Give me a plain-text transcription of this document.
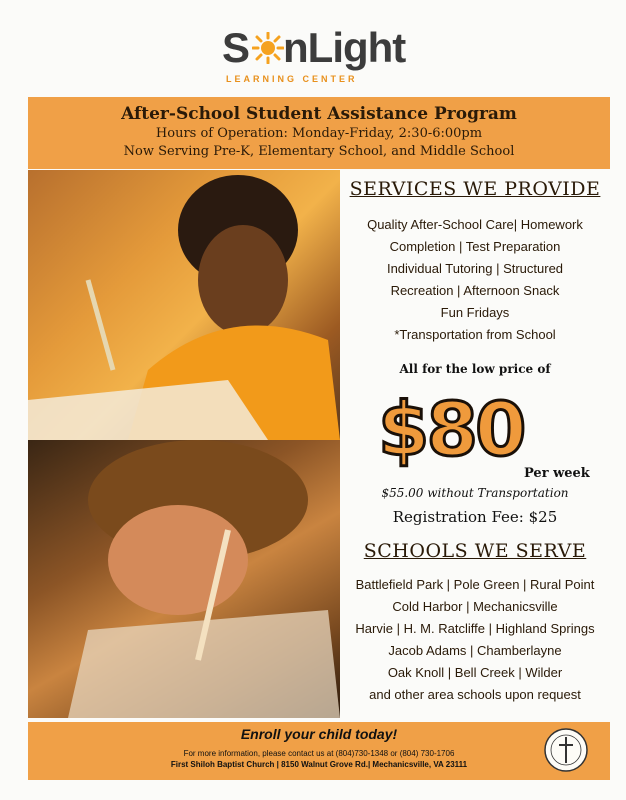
S nLight
LEARNING CENTER
After-School Student Assistance Program
Hours of Operation: Monday-Friday, 2:30-6:00pm
Now Serving Pre-K, Elementary School, and Middle School
SERVICES WE PROVIDE
Quality After-School Care| Homework
Completion | Test Preparation
Individual Tutoring | Structured
Recreation | Afternoon Snack
Fun Fridays
*Transportation from School
All for the low price of
$80
Per week
$55.00 without Transportation
Registration Fee: $25
SCHOOLS WE SERVE
Battlefield Park | Pole Green | Rural Point
Cold Harbor | Mechanicsville
Harvie | H. M. Ratcliffe | Highland Springs
Jacob Adams | Chamberlayne
Oak Knoll | Bell Creek | Wilder
and other area schools upon request
Enroll your child today!
For more information, please contact us at (804)730-1348 or (804) 730-1706
First Shiloh Baptist Church | 8150 Walnut Grove Rd.| Mechanicsville, VA 23111
